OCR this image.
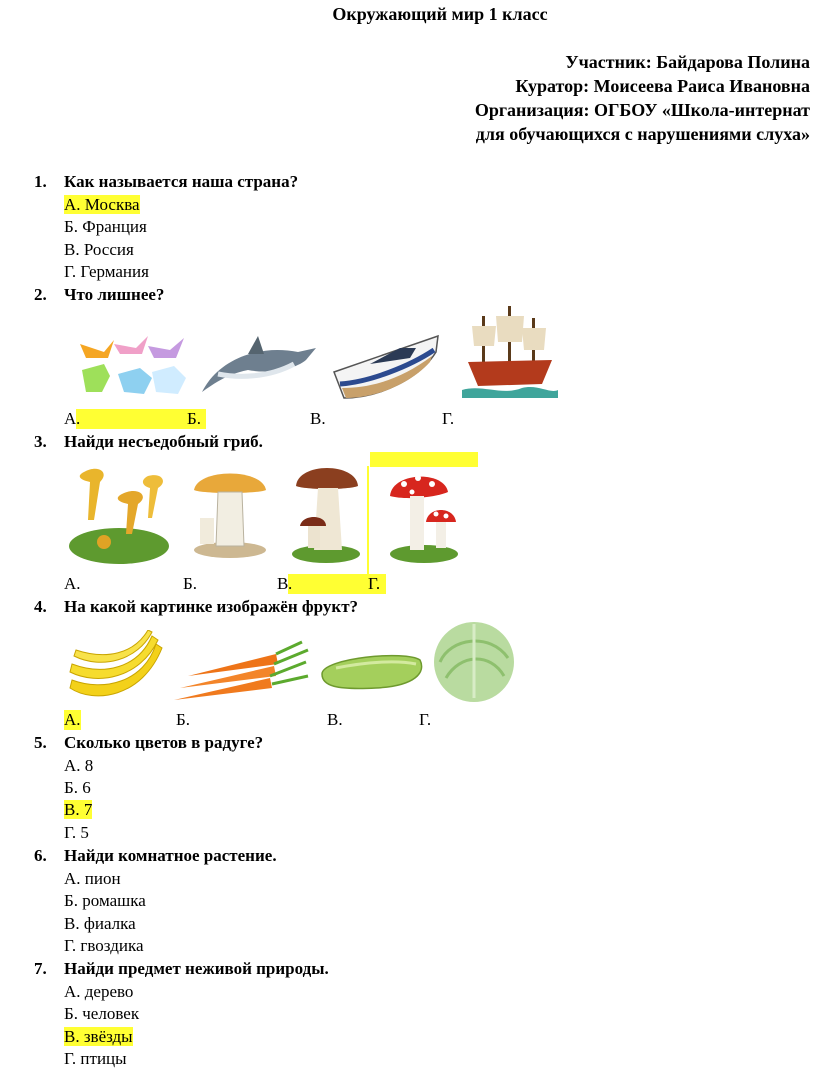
Окружающий мир 1 класс
Участник: Байдарова Полина
Куратор: Моисеева Раиса Ивановна
Организация: ОГБОУ «Школа-интернат
для обучающихся с нарушениями слуха»
1. Как называется наша страна?
А. Москва
Б. Франция
В. Россия
Г. Германия
2. Что лишнее?
А .	Б.	В.	Г.
3. Найди несъедобный гриб.
А.	Б.	В .	Г.
4. На какой картинке изображён фрукт?
А.	Б.	В.	Г.
5. Сколько цветов в радуге?
А. 8
Б. 6
В. 7
Г. 5
6. Найди комнатное растение.
А. пион
Б. ромашка
В. фиалка
Г. гвоздика
7. Найди предмет неживой природы.
А. дерево
Б. человек
В. звёзды
Г. птицы
